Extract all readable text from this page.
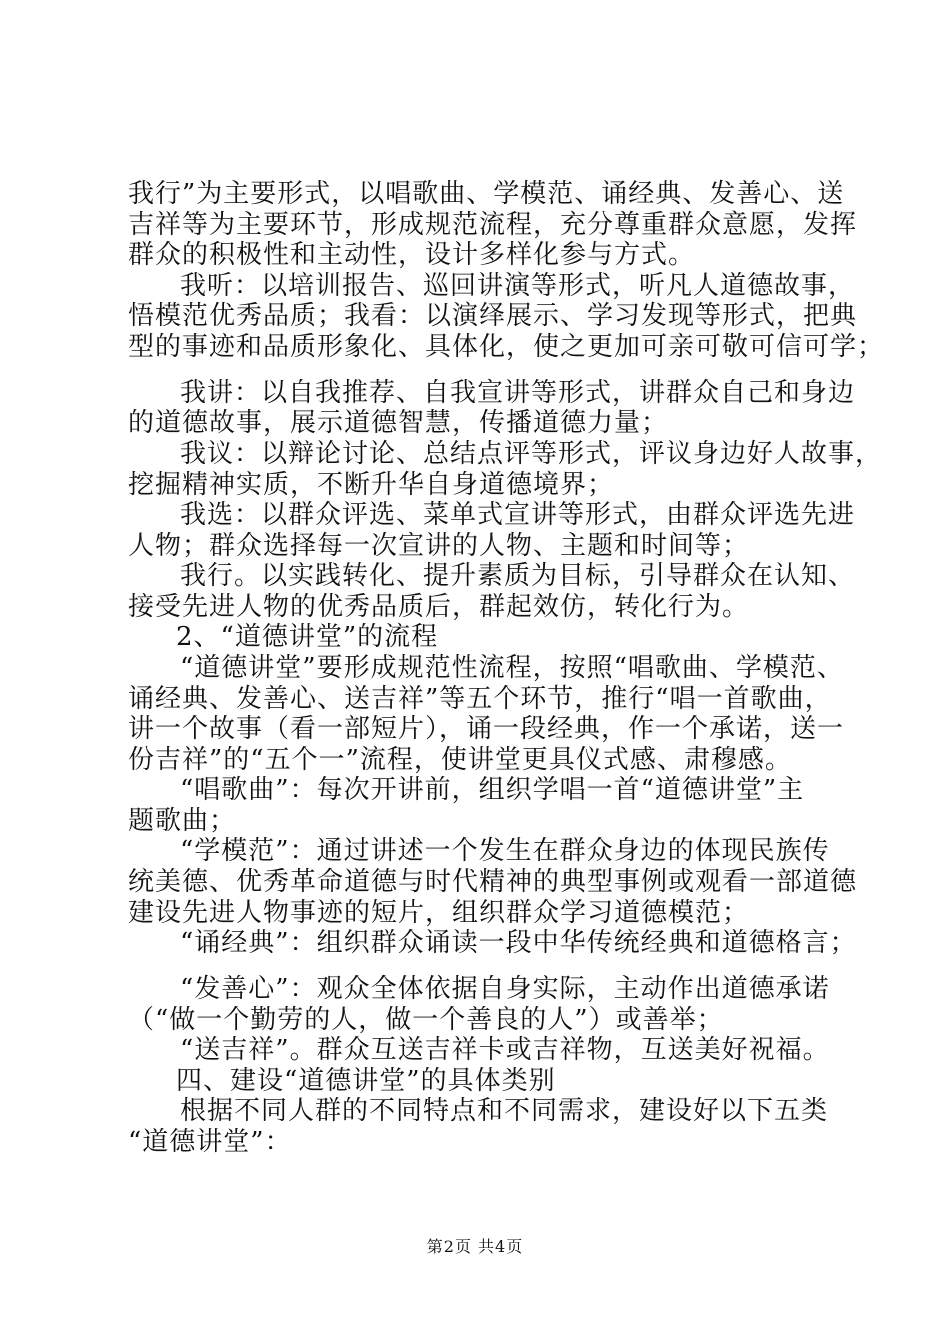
我行”为主要形式，以唱歌曲、学模范、诵经典、发善心、送
吉祥等为主要环节，形成规范流程，充分尊重群众意愿，发挥
群众的积极性和主动性，设计多样化参与方式。
我听：以培训报告、巡回讲演等形式，听凡人道德故事，
悟模范优秀品质；我看：以演绎展示、学习发现等形式，把典
型的事迹和品质形象化、具体化，使之更加可亲可敬可信可学；
我讲：以自我推荐、自我宣讲等形式，讲群众自己和身边
的道德故事，展示道德智慧，传播道德力量；
我议：以辩论讨论、总结点评等形式，评议身边好人故事，
挖掘精神实质，不断升华自身道德境界；
我选：以群众评选、菜单式宣讲等形式，由群众评选先进
人物；群众选择每一次宣讲的人物、主题和时间等；
我行。以实践转化、提升素质为目标，引导群众在认知、
接受先进人物的优秀品质后，群起效仿，转化行为。
2、“道德讲堂”的流程
“道德讲堂”要形成规范性流程，按照“唱歌曲、学模范、
诵经典、发善心、送吉祥”等五个环节，推行“唱一首歌曲，
讲一个故事（看一部短片），诵一段经典，作一个承诺，送一
份吉祥”的“五个一”流程，使讲堂更具仪式感、肃穆感。
“唱歌曲”：每次开讲前，组织学唱一首“道德讲堂”主
题歌曲；
“学模范”：通过讲述一个发生在群众身边的体现民族传
统美德、优秀革命道德与时代精神的典型事例或观看一部道德
建设先进人物事迹的短片，组织群众学习道德模范；
“诵经典”：组织群众诵读一段中华传统经典和道德格言；
“发善心”：观众全体依据自身实际，主动作出道德承诺
（“做一个勤劳的人，做一个善良的人”）或善举；
“送吉祥”。群众互送吉祥卡或吉祥物，互送美好祝福。
四、建设“道德讲堂”的具体类别
根据不同人群的不同特点和不同需求，建设好以下五类
“道德讲堂”：
第2页 共4页
